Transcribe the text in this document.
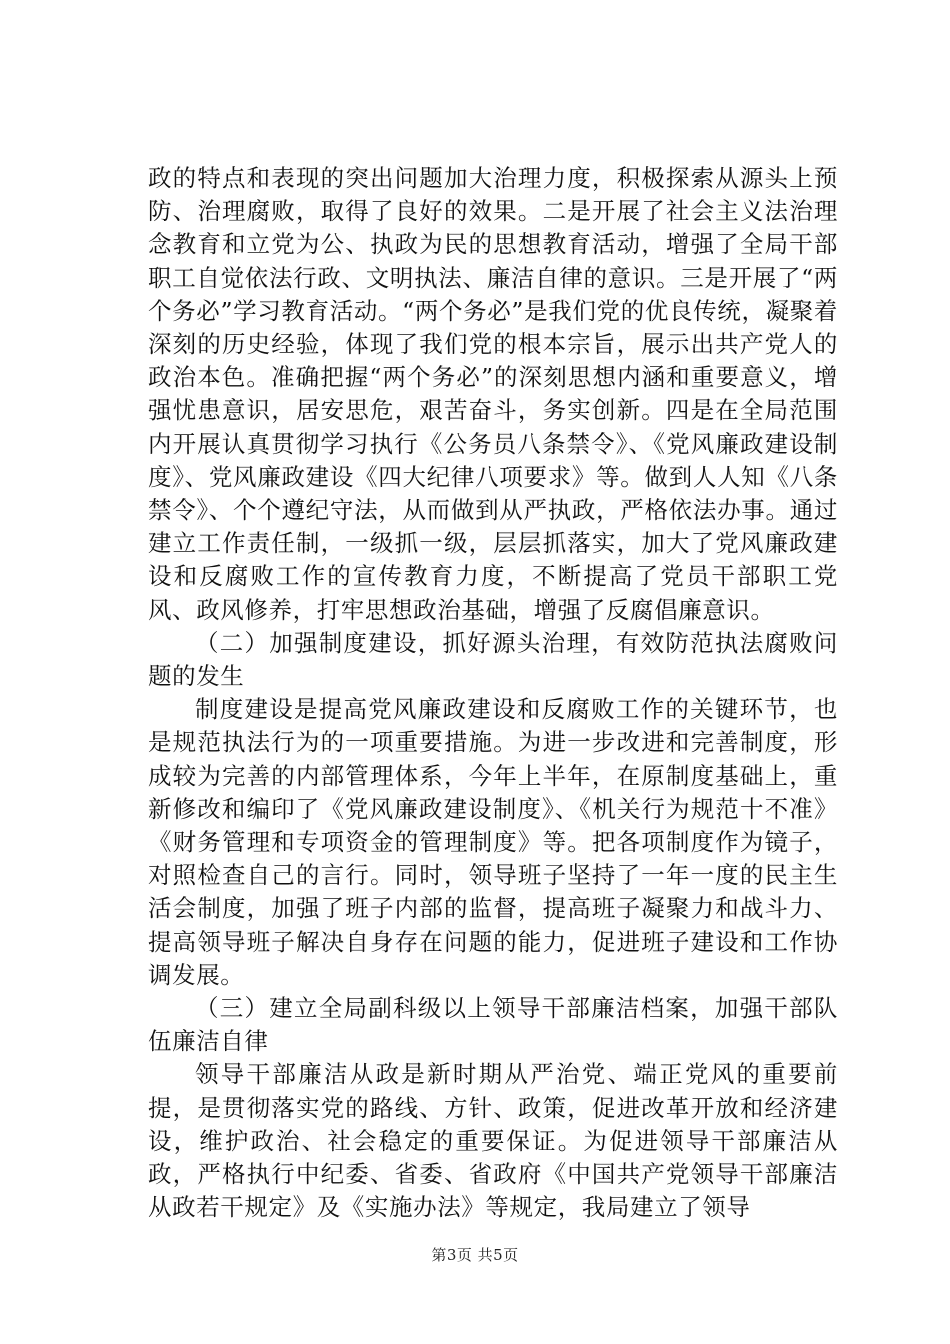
政的特点和表现的突出问题加大治理力度，积极探索从源头上预防、治理腐败，取得了良好的效果。二是开展了社会主义法治理念教育和立党为公、执政为民的思想教育活动，增强了全局干部职工自觉依法行政、文明执法、廉洁自律的意识。三是开展了“两个务必”学习教育活动。“两个务必”是我们党的优良传统，凝聚着深刻的历史经验，体现了我们党的根本宗旨，展示出共产党人的政治本色。准确把握“两个务必”的深刻思想内涵和重要意义，增强忧患意识，居安思危，艰苦奋斗，务实创新。四是在全局范围内开展认真贯彻学习执行《公务员八条禁令》、《党风廉政建设制度》、党风廉政建设《四大纪律八项要求》等。做到人人知《八条禁令》、个个遵纪守法，从而做到从严执政，严格依法办事。通过建立工作责任制，一级抓一级，层层抓落实，加大了党风廉政建设和反腐败工作的宣传教育力度，不断提高了党员干部职工党风、政风修养，打牢思想政治基础，增强了反腐倡廉意识。

（二）加强制度建设，抓好源头治理，有效防范执法腐败问题的发生

制度建设是提高党风廉政建设和反腐败工作的关键环节，也是规范执法行为的一项重要措施。为进一步改进和完善制度，形成较为完善的内部管理体系，今年上半年，在原制度基础上，重新修改和编印了《党风廉政建设制度》、《机关行为规范十不准》《财务管理和专项资金的管理制度》等。把各项制度作为镜子，对照检查自己的言行。同时，领导班子坚持了一年一度的民主生活会制度，加强了班子内部的监督，提高班子凝聚力和战斗力、提高领导班子解决自身存在问题的能力，促进班子建设和工作协调发展。

（三）建立全局副科级以上领导干部廉洁档案，加强干部队伍廉洁自律

领导干部廉洁从政是新时期从严治党、端正党风的重要前提，是贯彻落实党的路线、方针、政策，促进改革开放和经济建设，维护政治、社会稳定的重要保证。为促进领导干部廉洁从政，严格执行中纪委、省委、省政府《中国共产党领导干部廉洁从政若干规定》及《实施办法》等规定，我局建立了领导

第3页 共5页
